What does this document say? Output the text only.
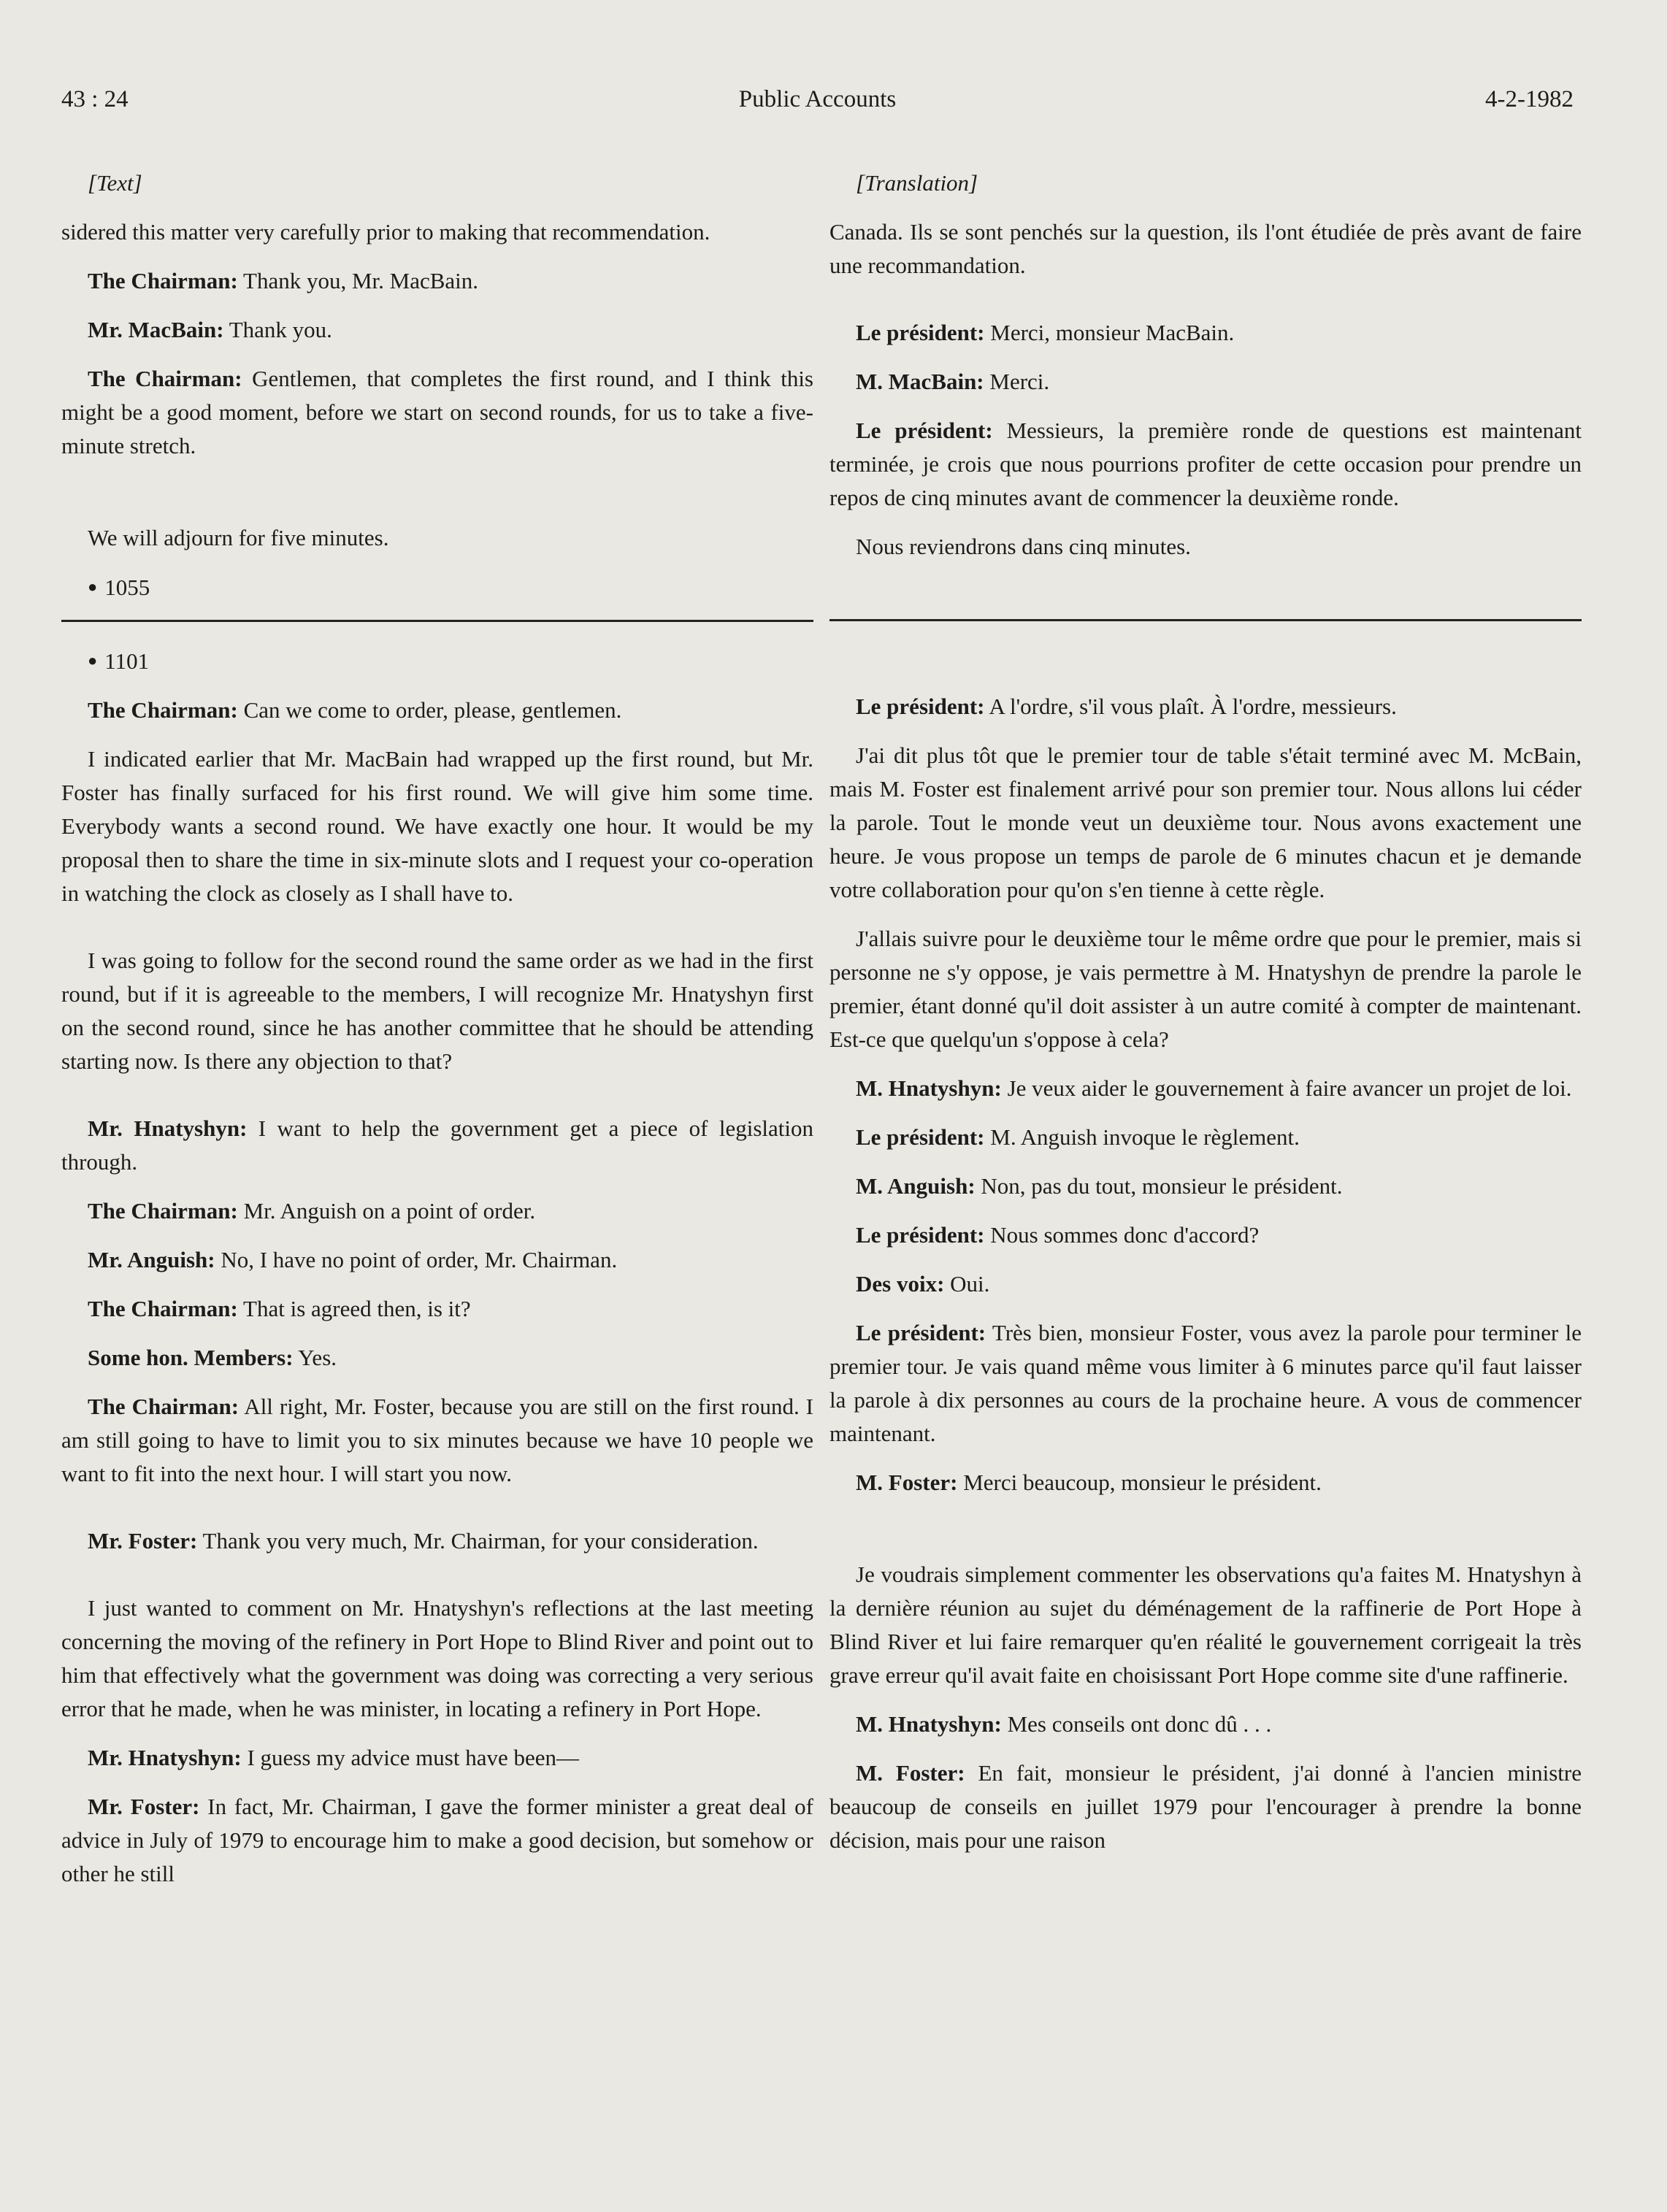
43 : 24	Public Accounts	4-2-1982

[Text]

sidered this matter very carefully prior to making that recommendation.

The Chairman: Thank you, Mr. MacBain.

Mr. MacBain: Thank you.

The Chairman: Gentlemen, that completes the first round, and I think this might be a good moment, before we start on second rounds, for us to take a five-minute stretch.

We will adjourn for five minutes.

● 1055

● 1101

The Chairman: Can we come to order, please, gentlemen.

I indicated earlier that Mr. MacBain had wrapped up the first round, but Mr. Foster has finally surfaced for his first round. We will give him some time. Everybody wants a second round. We have exactly one hour. It would be my proposal then to share the time in six-minute slots and I request your co-operation in watching the clock as closely as I shall have to.

I was going to follow for the second round the same order as we had in the first round, but if it is agreeable to the members, I will recognize Mr. Hnatyshyn first on the second round, since he has another committee that he should be attending starting now. Is there any objection to that?

Mr. Hnatyshyn: I want to help the government get a piece of legislation through.

The Chairman: Mr. Anguish on a point of order.

Mr. Anguish: No, I have no point of order, Mr. Chairman.

The Chairman: That is agreed then, is it?

Some hon. Members: Yes.

The Chairman: All right, Mr. Foster, because you are still on the first round. I am still going to have to limit you to six minutes because we have 10 people we want to fit into the next hour. I will start you now.

Mr. Foster: Thank you very much, Mr. Chairman, for your consideration.

I just wanted to comment on Mr. Hnatyshyn's reflections at the last meeting concerning the moving of the refinery in Port Hope to Blind River and point out to him that effectively what the government was doing was correcting a very serious error that he made, when he was minister, in locating a refinery in Port Hope.

Mr. Hnatyshyn: I guess my advice must have been—

Mr. Foster: In fact, Mr. Chairman, I gave the former minister a great deal of advice in July of 1979 to encourage him to make a good decision, but somehow or other he still

[Translation]

Canada. Ils se sont penchés sur la question, ils l'ont étudiée de près avant de faire une recommandation.

Le président: Merci, monsieur MacBain.

M. MacBain: Merci.

Le président: Messieurs, la première ronde de questions est maintenant terminée, je crois que nous pourrions profiter de cette occasion pour prendre un repos de cinq minutes avant de commencer la deuxième ronde.

Nous reviendrons dans cinq minutes.

Le président: A l'ordre, s'il vous plaît. À l'ordre, messieurs.

J'ai dit plus tôt que le premier tour de table s'était terminé avec M. McBain, mais M. Foster est finalement arrivé pour son premier tour. Nous allons lui céder la parole. Tout le monde veut un deuxième tour. Nous avons exactement une heure. Je vous propose un temps de parole de 6 minutes chacun et je demande votre collaboration pour qu'on s'en tienne à cette règle.

J'allais suivre pour le deuxième tour le même ordre que pour le premier, mais si personne ne s'y oppose, je vais permettre à M. Hnatyshyn de prendre la parole le premier, étant donné qu'il doit assister à un autre comité à compter de maintenant. Est-ce que quelqu'un s'oppose à cela?

M. Hnatyshyn: Je veux aider le gouvernement à faire avancer un projet de loi.

Le président: M. Anguish invoque le règlement.

M. Anguish: Non, pas du tout, monsieur le président.

Le président: Nous sommes donc d'accord?

Des voix: Oui.

Le président: Très bien, monsieur Foster, vous avez la parole pour terminer le premier tour. Je vais quand même vous limiter à 6 minutes parce qu'il faut laisser la parole à dix personnes au cours de la prochaine heure. A vous de commencer maintenant.

M. Foster: Merci beaucoup, monsieur le président.

Je voudrais simplement commenter les observations qu'a faites M. Hnatyshyn à la dernière réunion au sujet du déménagement de la raffinerie de Port Hope à Blind River et lui faire remarquer qu'en réalité le gouvernement corrigeait la très grave erreur qu'il avait faite en choisissant Port Hope comme site d'une raffinerie.

M. Hnatyshyn: Mes conseils ont donc dû . . .

M. Foster: En fait, monsieur le président, j'ai donné à l'ancien ministre beaucoup de conseils en juillet 1979 pour l'encourager à prendre la bonne décision, mais pour une raison
